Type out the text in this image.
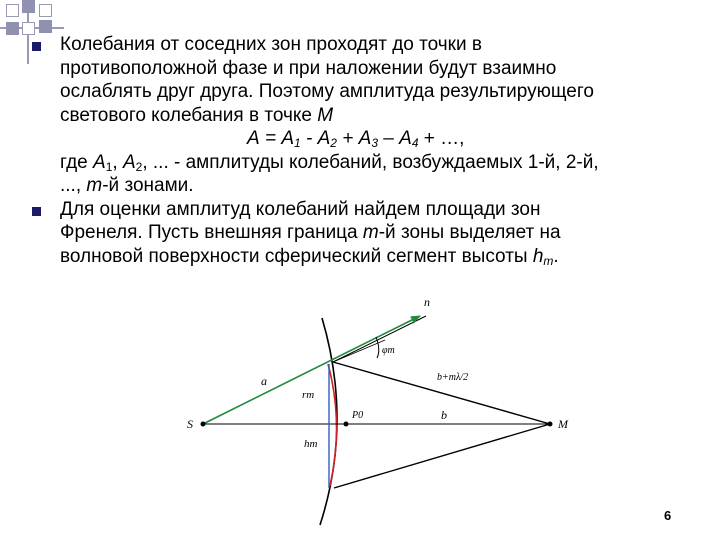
Колебания от соседних зон проходят до точки в
противоположной фазе и при наложении будут взаимно
ослаблять друг друга. Поэтому амплитуда результирующего
светового колебания в точке М
$А = А_1 - А_2 + А_3 - А_4$ + …,
где $A_1$, $A_2$, ... - амплитуды колебаний, возбуждаемых 1-й, 2-й,
..., m-й зонами.
Для оценки амплитуд колебаний найдем площади зон
Френеля. Пусть внешняя граница m-й зоны выделяет на
волновой поверхности сферический сегмент высоты $h_m$.
S	M
n
a
b
φm
b+mλ/2
rm
hm
P0
6
